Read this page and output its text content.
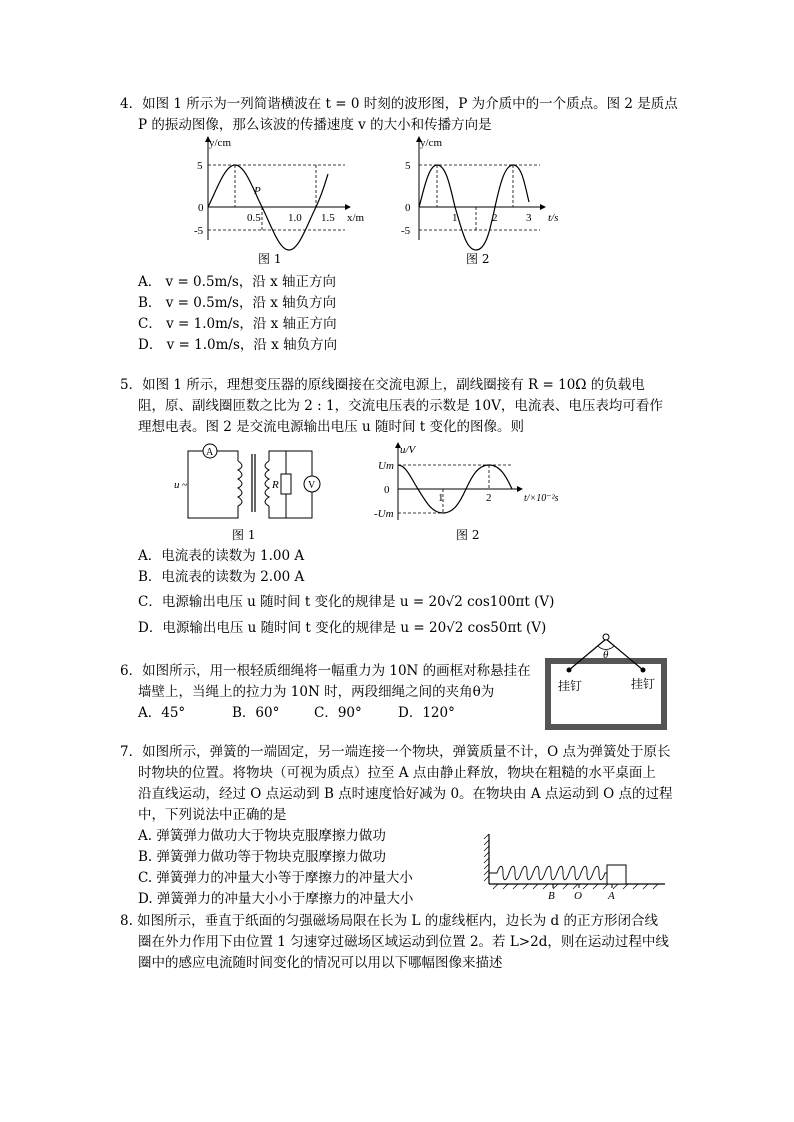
4．如图 1 所示为一列简谐横波在 t = 0 时刻的波形图，P 为介质中的一个质点。图 2 是质点
P 的振动图像，那么该波的传播速度 v 的大小和传播方向是
y/cm
5
0
-5
P
0.5 1.0 1.5 x/m
图 1
y/cm
5
0
-5
1	2	3 t/s
图 2
A． v = 0.5m/s，沿 x 轴正方向
B． v = 0.5m/s，沿 x 轴负方向
C． v = 1.0m/s，沿 x 轴正方向
D． v = 1.0m/s，沿 x 轴负方向
5．如图 1 所示，理想变压器的原线圈接在交流电源上，副线圈接有 R = 10Ω 的负载电
阻，原、副线圈匝数之比为 2 : 1，交流电压表的示数是 10V，电流表、电压表均可看作
理想电表。图 2 是交流电源输出电压 u 随时间 t 变化的图像。则
A
R	V
u ~
图 1
u/V
Um
0
-Um
1	2	t/×10⁻²s
图 2
A．电流表的读数为 1.00 A
B．电流表的读数为 2.00 A
C．电源输出电压 u 随时间 t 变化的规律是 u = 20√2 cos100πt (V)
D．电源输出电压 u 随时间 t 变化的规律是 u = 20√2 cos50πt (V)
6．如图所示，用一根轻质细绳将一幅重力为 10N 的画框对称悬挂在
墙壁上，当绳上的拉力为 10N 时，两段细绳之间的夹角θ为
A．45°	B．60°	C．90°	D．120°
θ
挂钉	挂钉
7．如图所示，弹簧的一端固定，另一端连接一个物块，弹簧质量不计，O 点为弹簧处于原长
时物块的位置。将物块（可视为质点）拉至 A 点由静止释放，物块在粗糙的水平桌面上
沿直线运动，经过 O 点运动到 B 点时速度恰好减为 0。在物块由 A 点运动到 O 点的过程
中，下列说法中正确的是
A. 弹簧弹力做功大于物块克服摩擦力做功
B. 弹簧弹力做功等于物块克服摩擦力做功
C. 弹簧弹力的冲量大小等于摩擦力的冲量大小
D. 弹簧弹力的冲量大小小于摩擦力的冲量大小	B O A
8. 如图所示，垂直于纸面的匀强磁场局限在长为 L 的虚线框内，边长为 d 的正方形闭合线
圈在外力作用下由位置 1 匀速穿过磁场区域运动到位置 2。若 L>2d，则在运动过程中线
圈中的感应电流随时间变化的情况可以用以下哪幅图像来描述
